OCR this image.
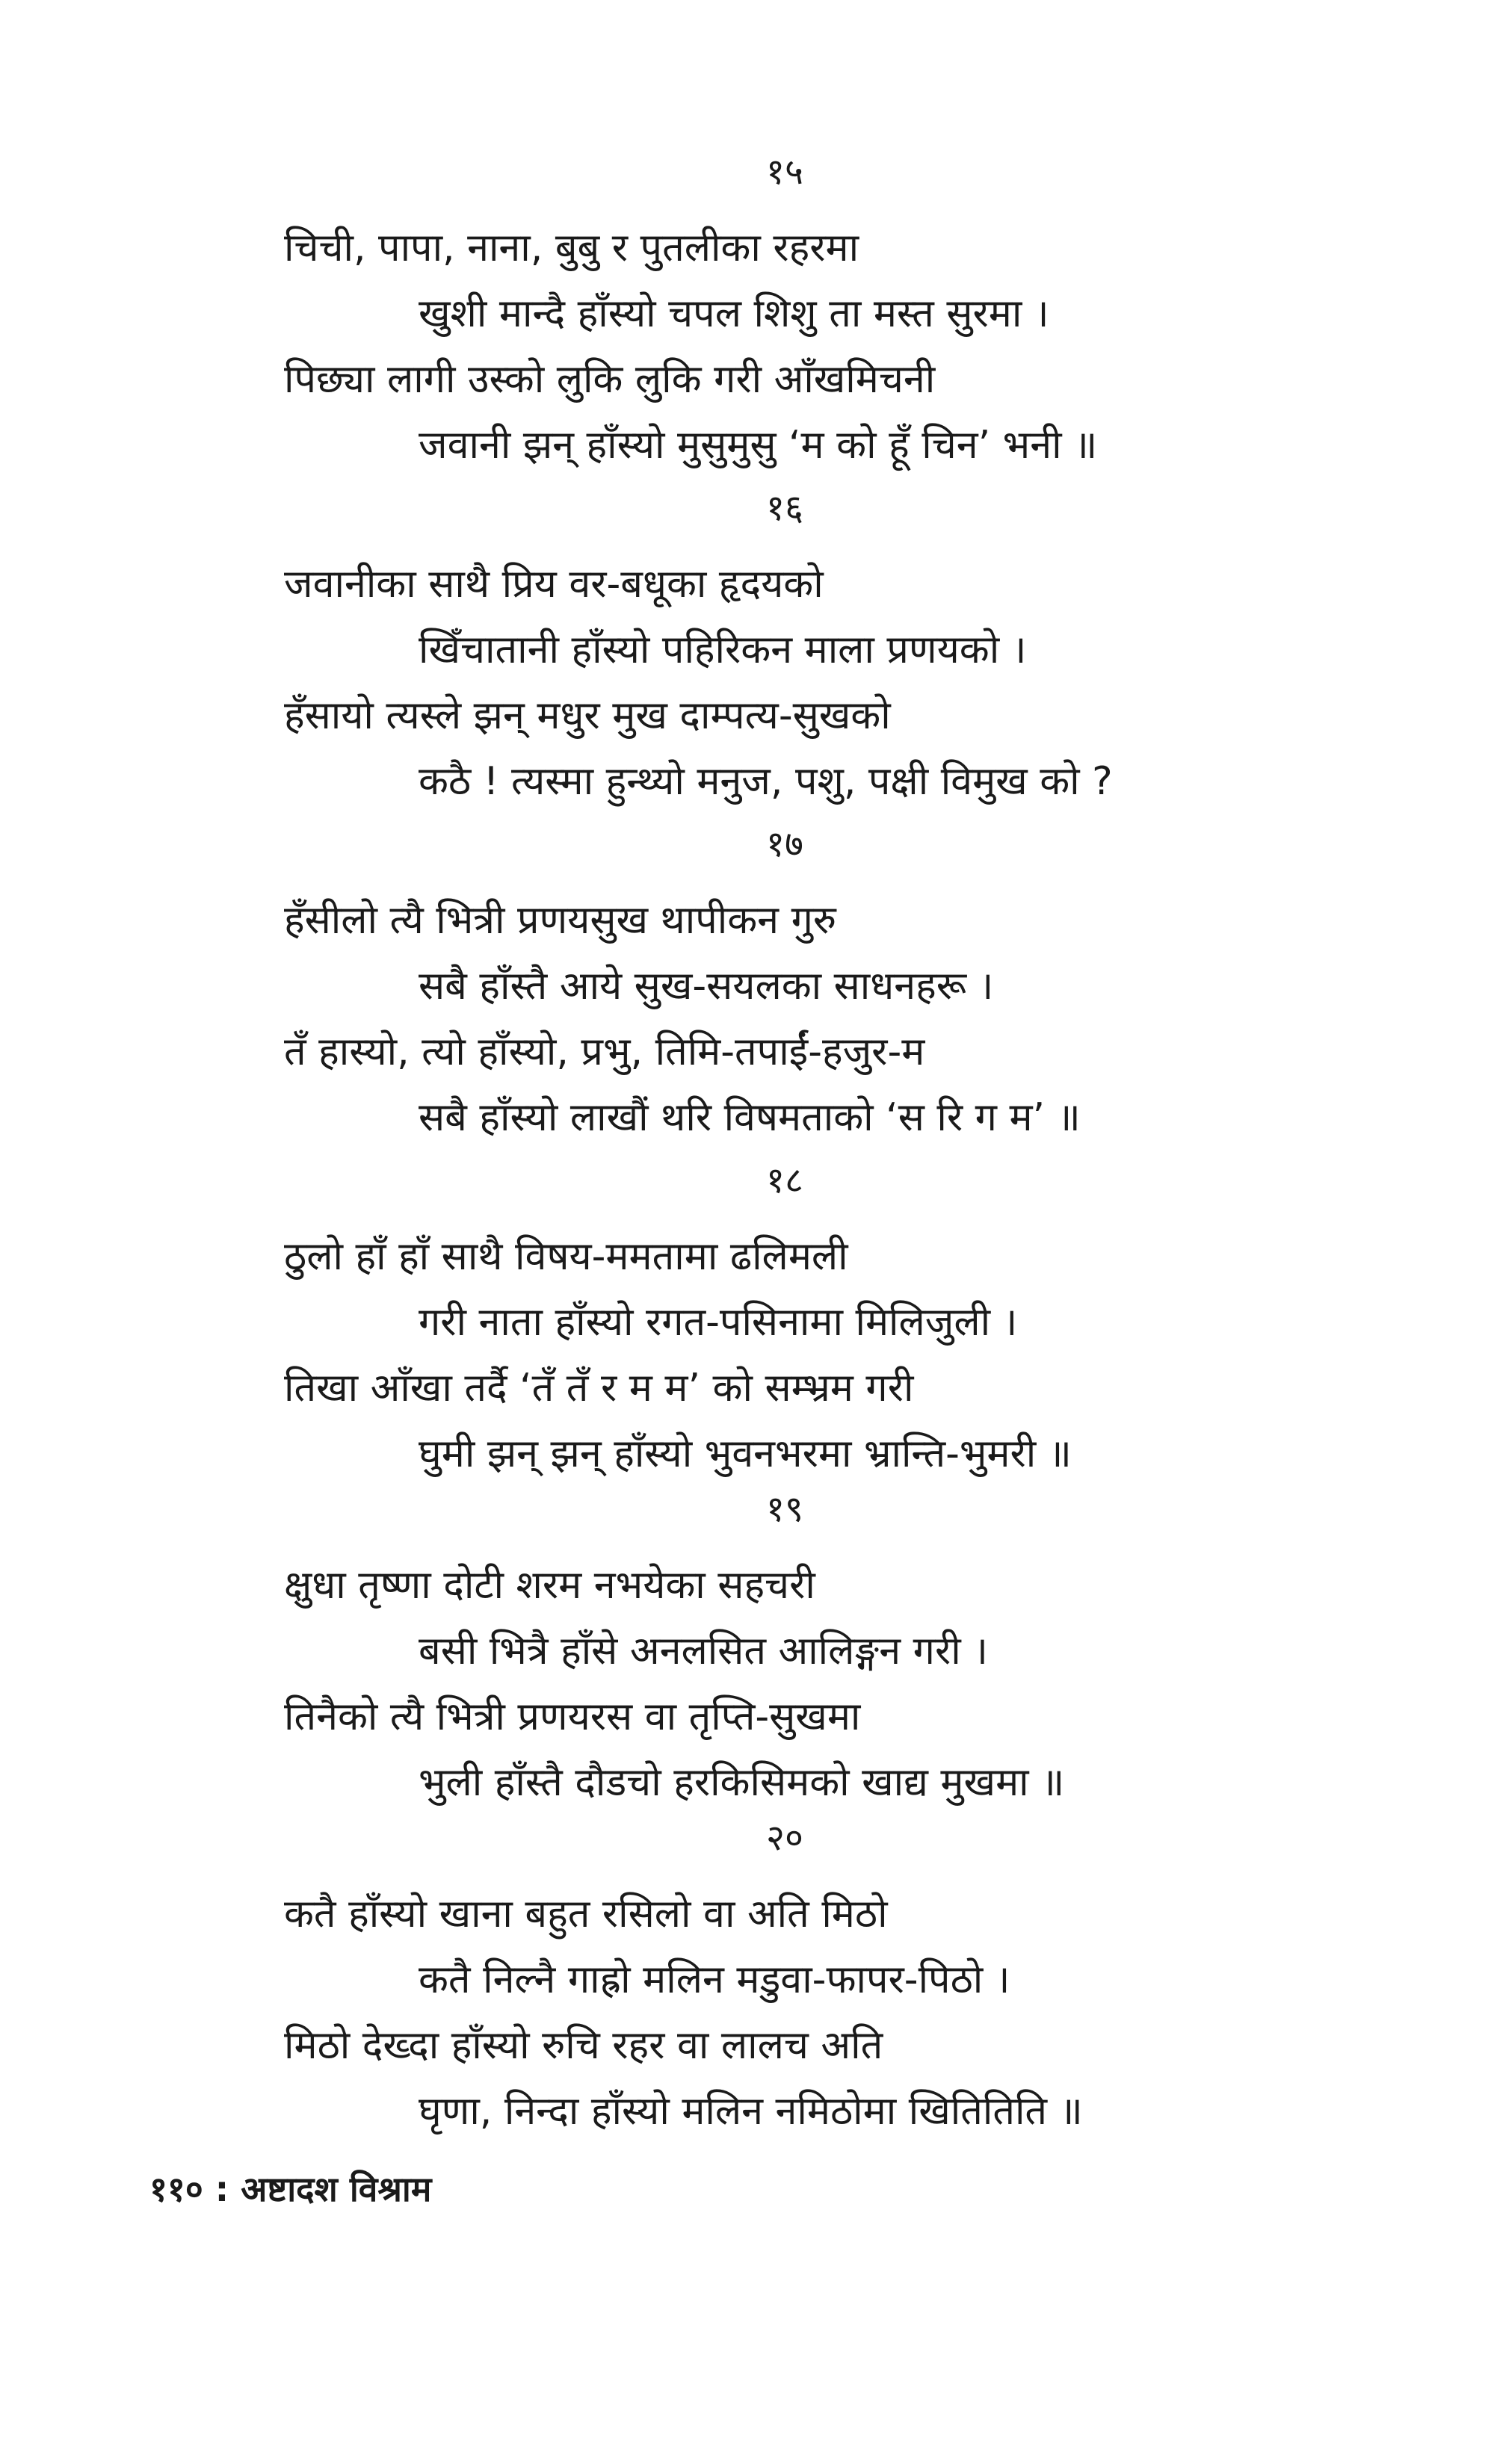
१५
चिची, पापा, नाना, बुबु र पुतलीका रहरमा
खुशी मान्दै हाँस्यो चपल शिशु ता मस्त सुरमा ।
पिछ्या लागी उस्को लुकि लुकि गरी आँखमिचनी
जवानी झन् हाँस्यो मुसुमुसु ‘म को हूँ चिन’ भनी ॥
१६
जवानीका साथै प्रिय वर-बधूका हृदयको
खिँचातानी हाँस्यो पहिरिकन माला प्रणयको ।
हँसायो त्यस्ले झन् मधुर मुख दाम्पत्य-सुखको
कठै ! त्यस्मा हुन्थ्यो मनुज, पशु, पक्षी विमुख को ?
१७
हँसीलो त्यै भित्री प्रणयसुख थापीकन गुरु
सबै हाँस्तै आये सुख-सयलका साधनहरू ।
तँ हास्यो, त्यो हाँस्यो, प्रभु, तिमि-तपाईं-हजुर-म
सबै हाँस्यो लाखौं थरि विषमताको ‘स रि ग म’ ॥
१८
ठुलो हाँ हाँ साथै विषय-ममतामा ढलिमली
गरी नाता हाँस्यो रगत-पसिनामा मिलिजुली ।
तिखा आँखा तर्दै ‘तँ तँ र म म’ को सम्भ्रम गरी
घुमी झन् झन् हाँस्यो भुवनभरमा भ्रान्ति-भुमरी ॥
१९
क्षुधा तृष्णा दोटी शरम नभयेका सहचरी
बसी भित्रै हाँसे अनलसित आलिङ्गन गरी ।
तिनैको त्यै भित्री प्रणयरस वा तृप्ति-सुखमा
भुली हाँस्तै दौडचो हरकिसिमको खाद्य मुखमा ॥
२०
कतै हाँस्यो खाना बहुत रसिलो वा अति मिठो
कतै निल्नै गाह्रो मलिन मडुवा-फापर-पिठो ।
मिठो देख्दा हाँस्यो रुचि रहर वा लालच अति
घृणा, निन्दा हाँस्यो मलिन नमिठोमा खितितिति ॥
११० : अष्टादश विश्राम
